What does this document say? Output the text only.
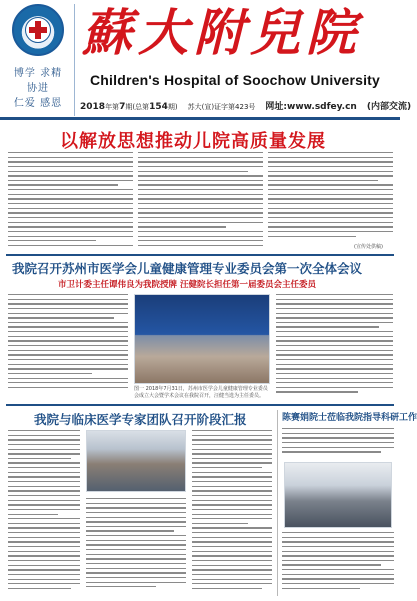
博学 求精
协进
仁爱 感恩
蘇大附兒院
Children's Hospital of Soochow University
2018年第7期(总第154期) 苏大(宣)证字第423号 网址:www.sdfey.cn (内部交流)
以解放思想推动儿院高质量发展
(宣传处供稿)
我院召开苏州市医学会儿童健康管理专业委员会第一次全体会议
市卫计委主任谭伟良为我院授牌 汪健院长担任第一届委员会主任委员
图一 2018年7月31日，苏州市医学会儿童健康管理专业委员会成立大会暨学术会议在我院召开，汪健当选为主任委员。
我院与临床医学专家团队召开阶段汇报	陈赛娟院士莅临我院指导科研工作
